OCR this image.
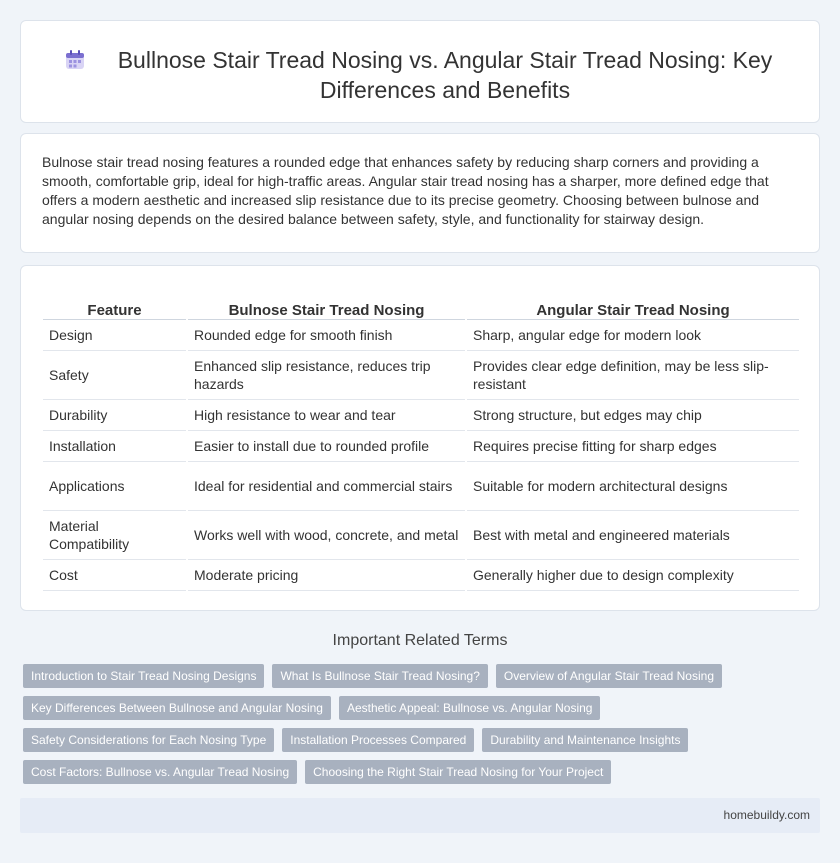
Bullnose Stair Tread Nosing vs. Angular Stair Tread Nosing: Key Differences and Benefits

Bulnose stair tread nosing features a rounded edge that enhances safety by reducing sharp corners and providing a smooth, comfortable grip, ideal for high-traffic areas. Angular stair tread nosing has a sharper, more defined edge that offers a modern aesthetic and increased slip resistance due to its precise geometry. Choosing between bulnose and angular nosing depends on the desired balance between safety, style, and functionality for stairway design.

Feature	Bulnose Stair Tread Nosing	Angular Stair Tread Nosing
Design	Rounded edge for smooth finish	Sharp, angular edge for modern look
Safety	Enhanced slip resistance, reduces trip hazards	Provides clear edge definition, may be less slip-resistant
Durability	High resistance to wear and tear	Strong structure, but edges may chip
Installation	Easier to install due to rounded profile	Requires precise fitting for sharp edges
Applications	Ideal for residential and commercial stairs	Suitable for modern architectural designs
Material Compatibility	Works well with wood, concrete, and metal	Best with metal and engineered materials
Cost	Moderate pricing	Generally higher due to design complexity
Important Related Terms
Introduction to Stair Tread Nosing Designs	What Is Bullnose Stair Tread Nosing?	Overview of Angular Stair Tread Nosing
Key Differences Between Bullnose and Angular Nosing	Aesthetic Appeal: Bullnose vs. Angular Nosing
Safety Considerations for Each Nosing Type	Installation Processes Compared	Durability and Maintenance Insights
Cost Factors: Bullnose vs. Angular Tread Nosing	Choosing the Right Stair Tread Nosing for Your Project
homebuildy.com
